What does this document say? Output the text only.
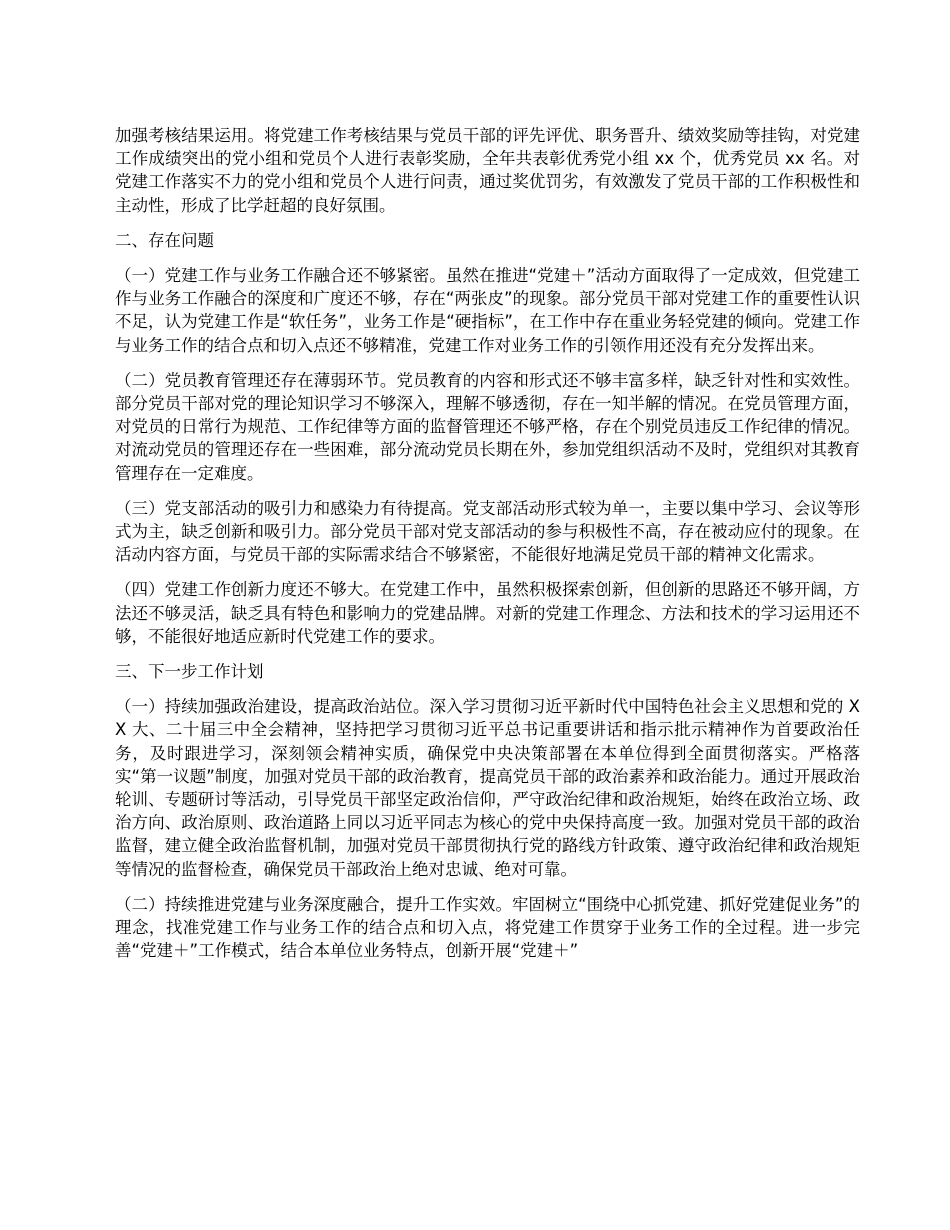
加强考核结果运用。将党建工作考核结果与党员干部的评先评优、职务晋升、绩效奖励等挂钩，对党建工作成绩突出的党小组和党员个人进行表彰奖励，全年共表彰优秀党小组 xx 个，优秀党员 xx 名。对党建工作落实不力的党小组和党员个人进行问责，通过奖优罚劣，有效激发了党员干部的工作积极性和主动性，形成了比学赶超的良好氛围。

二、存在问题

（一）党建工作与业务工作融合还不够紧密。虽然在推进“党建＋”活动方面取得了一定成效，但党建工作与业务工作融合的深度和广度还不够，存在“两张皮”的现象。部分党员干部对党建工作的重要性认识不足，认为党建工作是“软任务”，业务工作是“硬指标”，在工作中存在重业务轻党建的倾向。党建工作与业务工作的结合点和切入点还不够精准，党建工作对业务工作的引领作用还没有充分发挥出来。

（二）党员教育管理还存在薄弱环节。党员教育的内容和形式还不够丰富多样，缺乏针对性和实效性。部分党员干部对党的理论知识学习不够深入，理解不够透彻，存在一知半解的情况。在党员管理方面，对党员的日常行为规范、工作纪律等方面的监督管理还不够严格，存在个别党员违反工作纪律的情况。对流动党员的管理还存在一些困难，部分流动党员长期在外，参加党组织活动不及时，党组织对其教育管理存在一定难度。

（三）党支部活动的吸引力和感染力有待提高。党支部活动形式较为单一，主要以集中学习、会议等形式为主，缺乏创新和吸引力。部分党员干部对党支部活动的参与积极性不高，存在被动应付的现象。在活动内容方面，与党员干部的实际需求结合不够紧密，不能很好地满足党员干部的精神文化需求。

（四）党建工作创新力度还不够大。在党建工作中，虽然积极探索创新，但创新的思路还不够开阔，方法还不够灵活，缺乏具有特色和影响力的党建品牌。对新的党建工作理念、方法和技术的学习运用还不够，不能很好地适应新时代党建工作的要求。

三、下一步工作计划

（一）持续加强政治建设，提高政治站位。深入学习贯彻习近平新时代中国特色社会主义思想和党的 XX 大、二十届三中全会精神，坚持把学习贯彻习近平总书记重要讲话和指示批示精神作为首要政治任务，及时跟进学习，深刻领会精神实质，确保党中央决策部署在本单位得到全面贯彻落实。严格落实“第一议题”制度，加强对党员干部的政治教育，提高党员干部的政治素养和政治能力。通过开展政治轮训、专题研讨等活动，引导党员干部坚定政治信仰，严守政治纪律和政治规矩，始终在政治立场、政治方向、政治原则、政治道路上同以习近平同志为核心的党中央保持高度一致。加强对党员干部的政治监督，建立健全政治监督机制，加强对党员干部贯彻执行党的路线方针政策、遵守政治纪律和政治规矩等情况的监督检查，确保党员干部政治上绝对忠诚、绝对可靠。

（二）持续推进党建与业务深度融合，提升工作实效。牢固树立“围绕中心抓党建、抓好党建促业务”的理念，找准党建工作与业务工作的结合点和切入点，将党建工作贯穿于业务工作的全过程。进一步完善“党建＋”工作模式，结合本单位业务特点，创新开展“党建＋”
